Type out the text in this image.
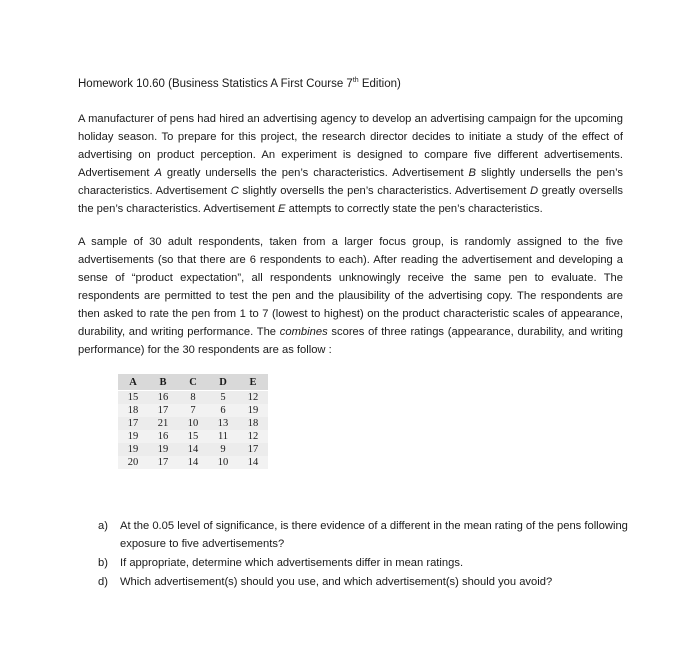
Homework 10.60 (Business Statistics A First Course 7th Edition)

A manufacturer of pens had hired an advertising agency to develop an advertising campaign for the upcoming holiday season. To prepare for this project, the research director decides to initiate a study of the effect of advertising on product perception. An experiment is designed to compare five different advertisements. Advertisement A greatly undersells the pen’s characteristics. Advertisement B slightly undersells the pen’s characteristics. Advertisement C slightly oversells the pen’s characteristics. Advertisement D greatly oversells the pen’s characteristics. Advertisement E attempts to correctly state the pen’s characteristics.

A sample of 30 adult respondents, taken from a larger focus group, is randomly assigned to the five advertisements (so that there are 6 respondents to each). After reading the advertisement and developing a sense of “product expectation”, all respondents unknowingly receive the same pen to evaluate. The respondents are permitted to test the pen and the plausibility of the advertising copy. The respondents are then asked to rate the pen from 1 to 7 (lowest to highest) on the product characteristic scales of appearance, durability, and writing performance. The combines scores of three ratings (appearance, durability, and writing performance) for the 30 respondents are as follow :

A	B	C	D	E
15	16	8	5	12
18	17	7	6	19
17	21	10	13	18
19	16	15	11	12
19	19	14	9	17
20	17	14	10	14
a)	At the 0.05 level of significance, is there evidence of a different in the mean rating of the pens following exposure to five advertisements?
b)	If appropriate, determine which advertisements differ in mean ratings.
d)	Which advertisement(s) should you use, and which advertisement(s) should you avoid?
